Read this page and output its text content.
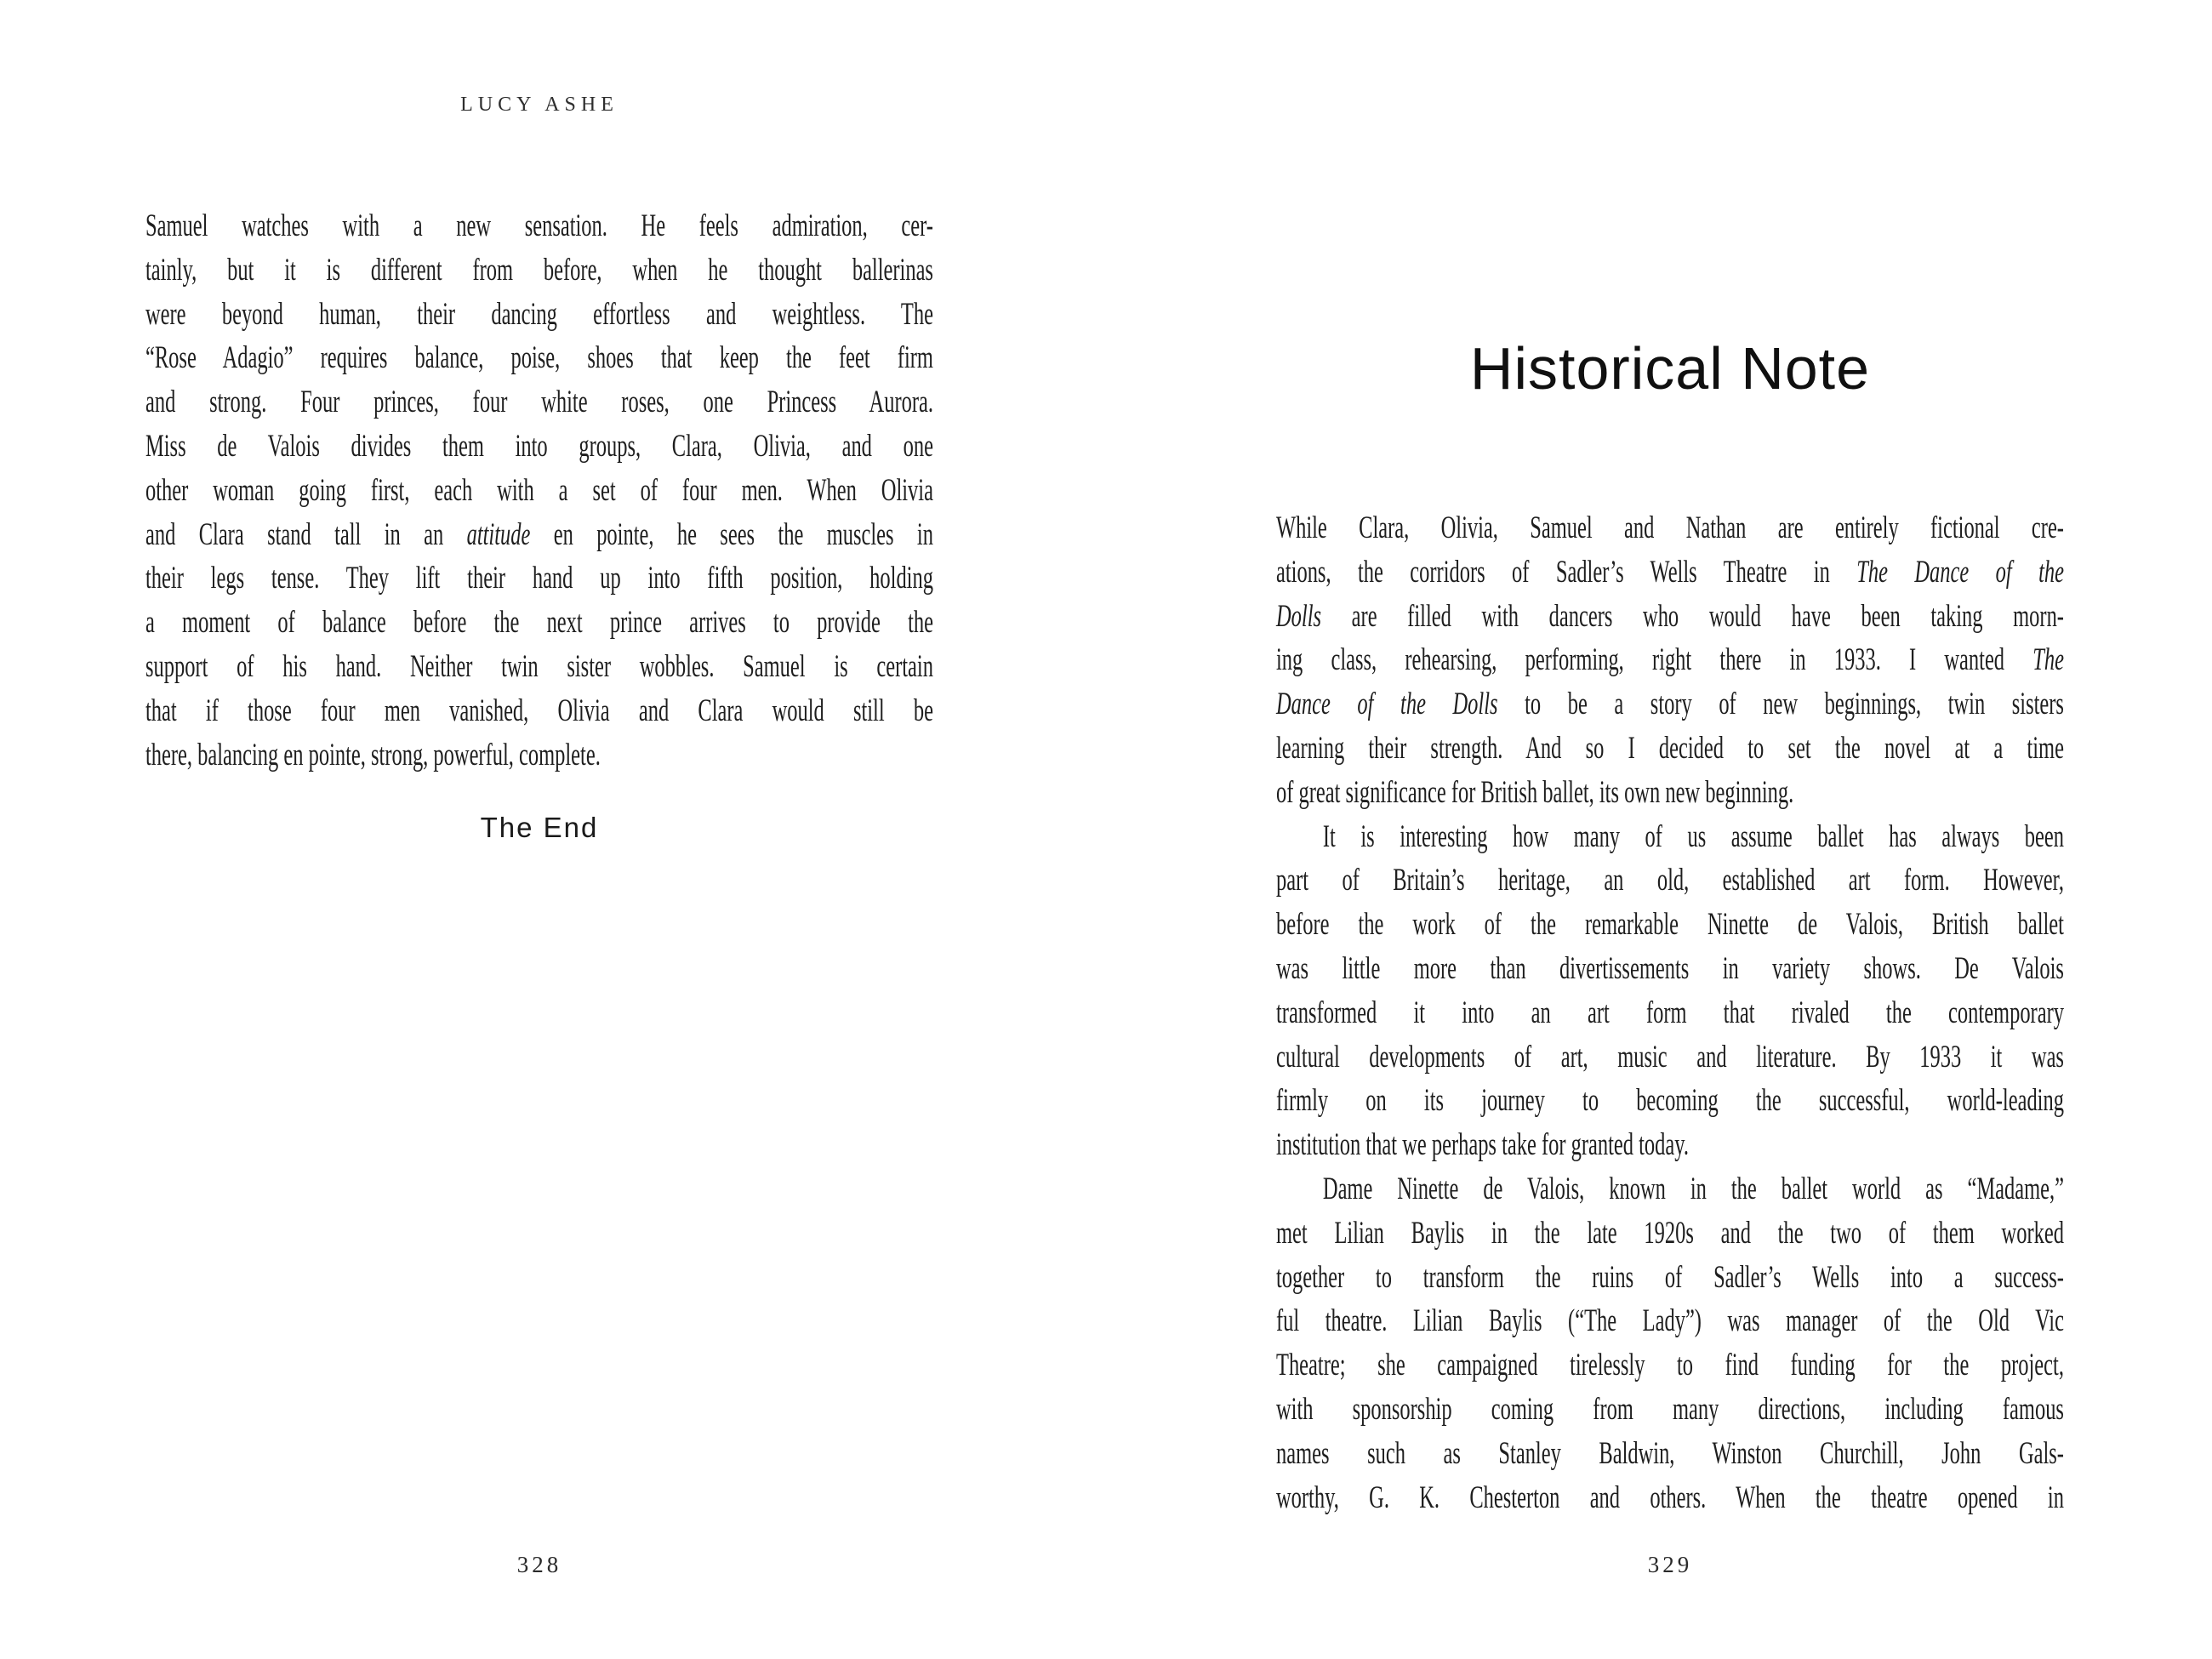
LUCY ASHE
Samuel watches with a new sensation. He feels admiration, cer-
tainly, but it is different from before, when he thought ballerinas
were beyond human, their dancing effortless and weightless. The
“Rose Adagio” requires balance, poise, shoes that keep the feet firm
and strong. Four princes, four white roses, one Princess Aurora.
Miss de Valois divides them into groups, Clara, Olivia, and one
other woman going first, each with a set of four men. When Olivia
and Clara stand tall in an attitude en pointe, he sees the muscles in
their legs tense. They lift their hand up into fifth position, holding
a moment of balance before the next prince arrives to provide the
support of his hand. Neither twin sister wobbles. Samuel is certain
that if those four men vanished, Olivia and Clara would still be
there, balancing en pointe, strong, powerful, complete.
The End
328
Historical Note
While Clara, Olivia, Samuel and Nathan are entirely fictional cre-
ations, the corridors of Sadler’s Wells Theatre in The Dance of the
Dolls are filled with dancers who would have been taking morn-
ing class, rehearsing, performing, right there in 1933. I wanted The
Dance of the Dolls to be a story of new beginnings, twin sisters
learning their strength. And so I decided to set the novel at a time
of great significance for British ballet, its own new beginning.
It is interesting how many of us assume ballet has always been
part of Britain’s heritage, an old, established art form. However,
before the work of the remarkable Ninette de Valois, British ballet
was little more than divertissements in variety shows. De Valois
transformed it into an art form that rivaled the contemporary
cultural developments of art, music and literature. By 1933 it was
firmly on its journey to becoming the successful, world-leading
institution that we perhaps take for granted today.
Dame Ninette de Valois, known in the ballet world as “Madame,”
met Lilian Baylis in the late 1920s and the two of them worked
together to transform the ruins of Sadler’s Wells into a success-
ful theatre. Lilian Baylis (“The Lady”) was manager of the Old Vic
Theatre; she campaigned tirelessly to find funding for the project,
with sponsorship coming from many directions, including famous
names such as Stanley Baldwin, Winston Churchill, John Gals-
worthy, G. K. Chesterton and others. When the theatre opened in
329
